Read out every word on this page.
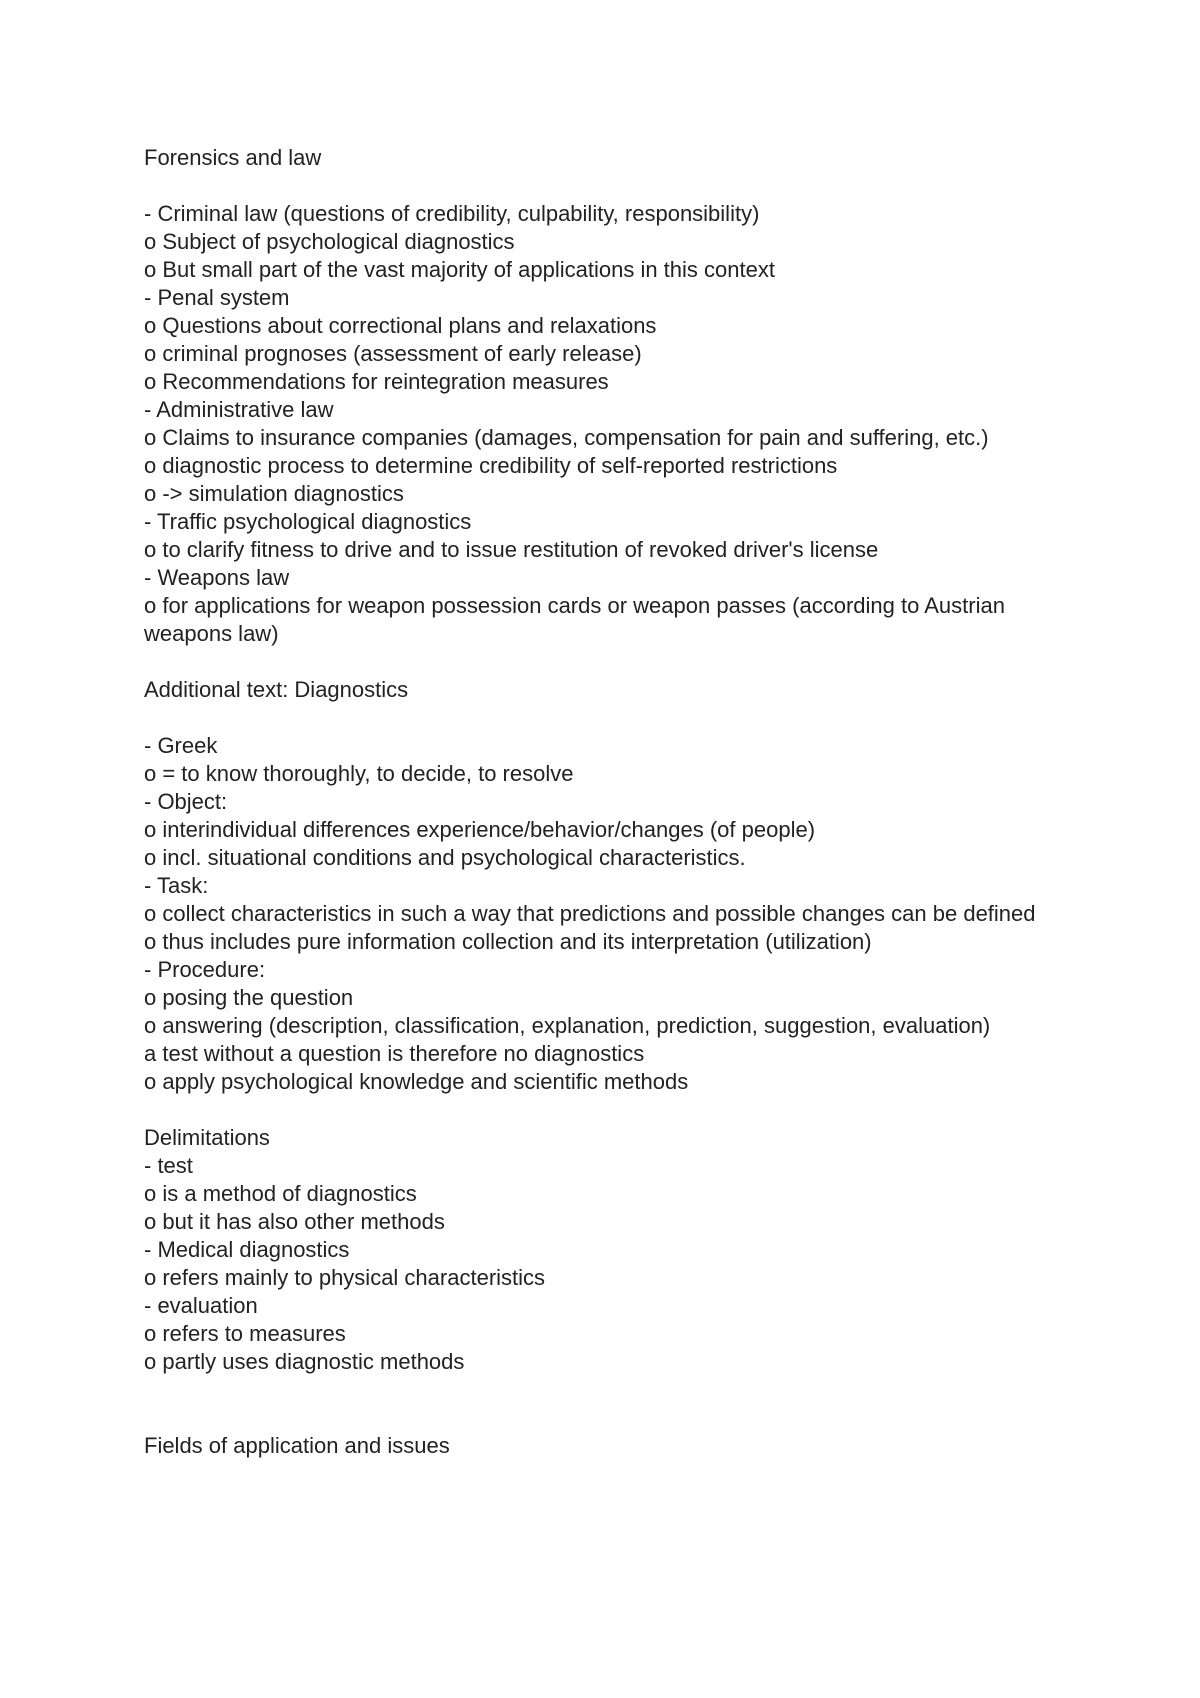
Forensics and law
- Criminal law (questions of credibility, culpability, responsibility)
o Subject of psychological diagnostics
o But small part of the vast majority of applications in this context
- Penal system
o Questions about correctional plans and relaxations
o criminal prognoses (assessment of early release)
o Recommendations for reintegration measures
- Administrative law
o Claims to insurance companies (damages, compensation for pain and suffering, etc.)
o diagnostic process to determine credibility of self-reported restrictions
o -> simulation diagnostics
- Traffic psychological diagnostics
o to clarify fitness to drive and to issue restitution of revoked driver's license
- Weapons law
o for applications for weapon possession cards or weapon passes (according to Austrian weapons law)
Additional text: Diagnostics
- Greek
o = to know thoroughly, to decide, to resolve
- Object:
o interindividual differences experience/behavior/changes (of people)
o incl. situational conditions and psychological characteristics.
- Task:
o collect characteristics in such a way that predictions and possible changes can be defined
o thus includes pure information collection and its interpretation (utilization)
- Procedure:
o posing the question
o answering (description, classification, explanation, prediction, suggestion, evaluation)
a test without a question is therefore no diagnostics
o apply psychological knowledge and scientific methods
Delimitations
- test
o is a method of diagnostics
o but it has also other methods
- Medical diagnostics
o refers mainly to physical characteristics
- evaluation
o refers to measures
o partly uses diagnostic methods
Fields of application and issues
